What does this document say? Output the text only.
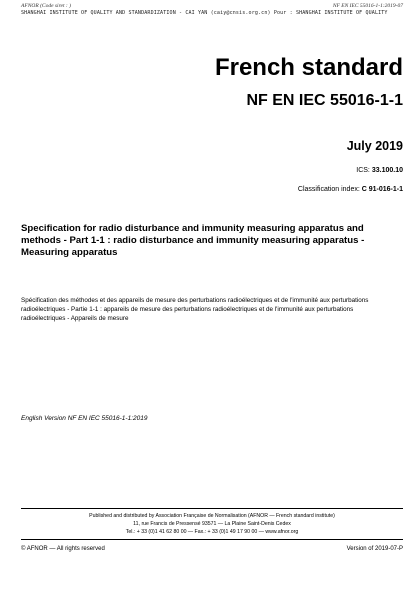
AFNOR (Code siret : )	NF EN IEC 55016-1-1:2019-07
SHANGHAI INSTITUTE OF QUALITY AND STANDARDIZATION - CAI YAN (caiy@cnsis.org.cn) Pour : SHANGHAI INSTITUTE OF QUALITY
French standard
NF EN IEC 55016-1-1
July 2019
ICS: 33.100.10
Classification index: C 91-016-1-1
Specification for radio disturbance and immunity measuring apparatus and methods - Part 1-1 : radio disturbance and immunity measuring apparatus - Measuring apparatus
Spécification des méthodes et des appareils de mesure des perturbations radioélectriques et de l'immunité aux perturbations radioélectriques - Partie 1-1 : appareils de mesure des perturbations radioélectriques et de l'immunité aux perturbations radioélectriques - Appareils de mesure
English Version NF EN IEC 55016-1-1:2019
Published and distributed by Association Française de Normalisation (AFNOR — French standard institute)
11, rue Francis de Pressensé 93571 — La Plaine Saint-Denis Cedex
Tel.: + 33 (0)1 41 62 80 00 — Fax.: + 33 (0)1 49 17 90 00 — www.afnor.org
© AFNOR — All rights reserved	Version of 2019-07-P
